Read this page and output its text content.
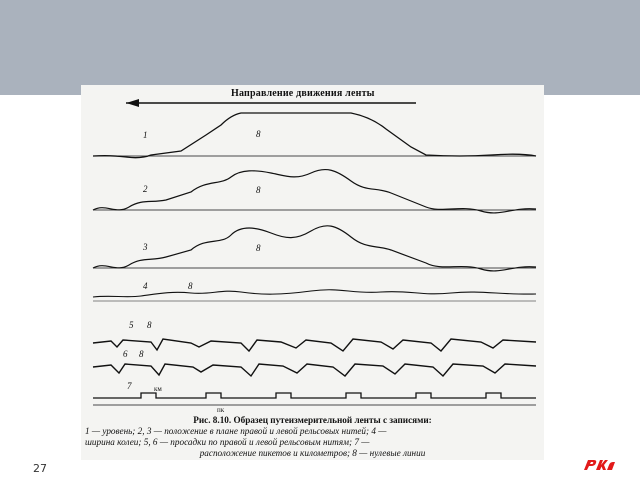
Направление движения ленты
1	8
2	8
3	8
4	8
5 8
6 8
7	км
пк
Рис. 8.10. Образец путеизмерительной ленты с записями:
1 — уровень; 2, 3 — положение в плане правой и левой рельсовых нитей; 4 —
ширина колеи; 5, 6 — просадки по правой и левой рельсовым нитям; 7 —
расположение пикетов и километров; 8 — нулевые линии
27
